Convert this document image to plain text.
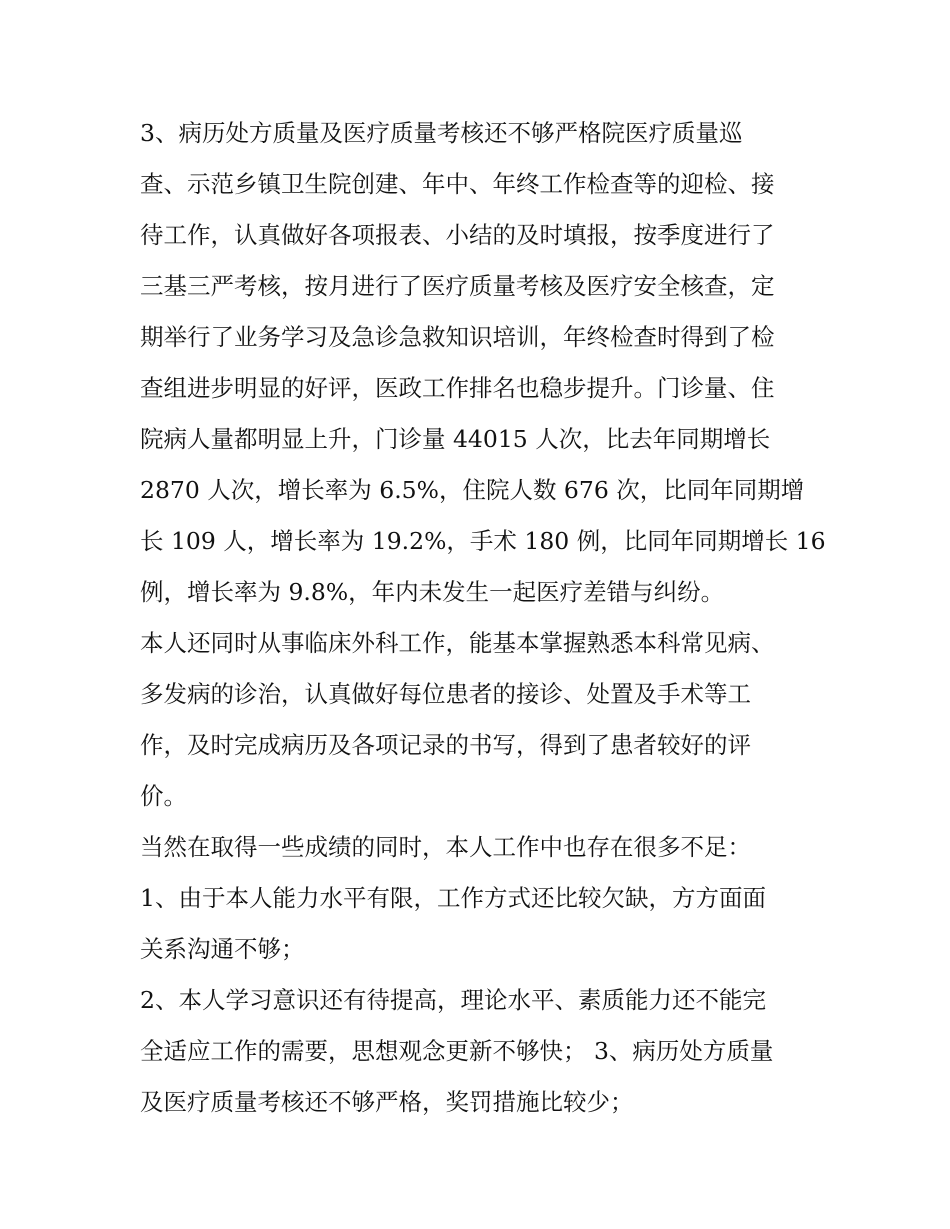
3、病历处方质量及医疗质量考核还不够严格院医疗质量巡
查、示范乡镇卫生院创建、年中、年终工作检查等的迎检、接
待工作，认真做好各项报表、小结的及时填报，按季度进行了
三基三严考核，按月进行了医疗质量考核及医疗安全核查，定
期举行了业务学习及急诊急救知识培训，年终检查时得到了检
查组进步明显的好评，医政工作排名也稳步提升。门诊量、住
院病人量都明显上升，门诊量 44015 人次，比去年同期增长
2870 人次，增长率为 6.5%，住院人数 676 次，比同年同期增
长 109 人，增长率为 19.2%，手术 180 例，比同年同期增长 16
例，增长率为 9.8%，年内未发生一起医疗差错与纠纷。
本人还同时从事临床外科工作，能基本掌握熟悉本科常见病、
多发病的诊治，认真做好每位患者的接诊、处置及手术等工
作，及时完成病历及各项记录的书写，得到了患者较好的评
价。
当然在取得一些成绩的同时，本人工作中也存在很多不足：
1、由于本人能力水平有限，工作方式还比较欠缺，方方面面
关系沟通不够；
2、本人学习意识还有待提高，理论水平、素质能力还不能完
全适应工作的需要，思想观念更新不够快； 3、病历处方质量
及医疗质量考核还不够严格，奖罚措施比较少；
